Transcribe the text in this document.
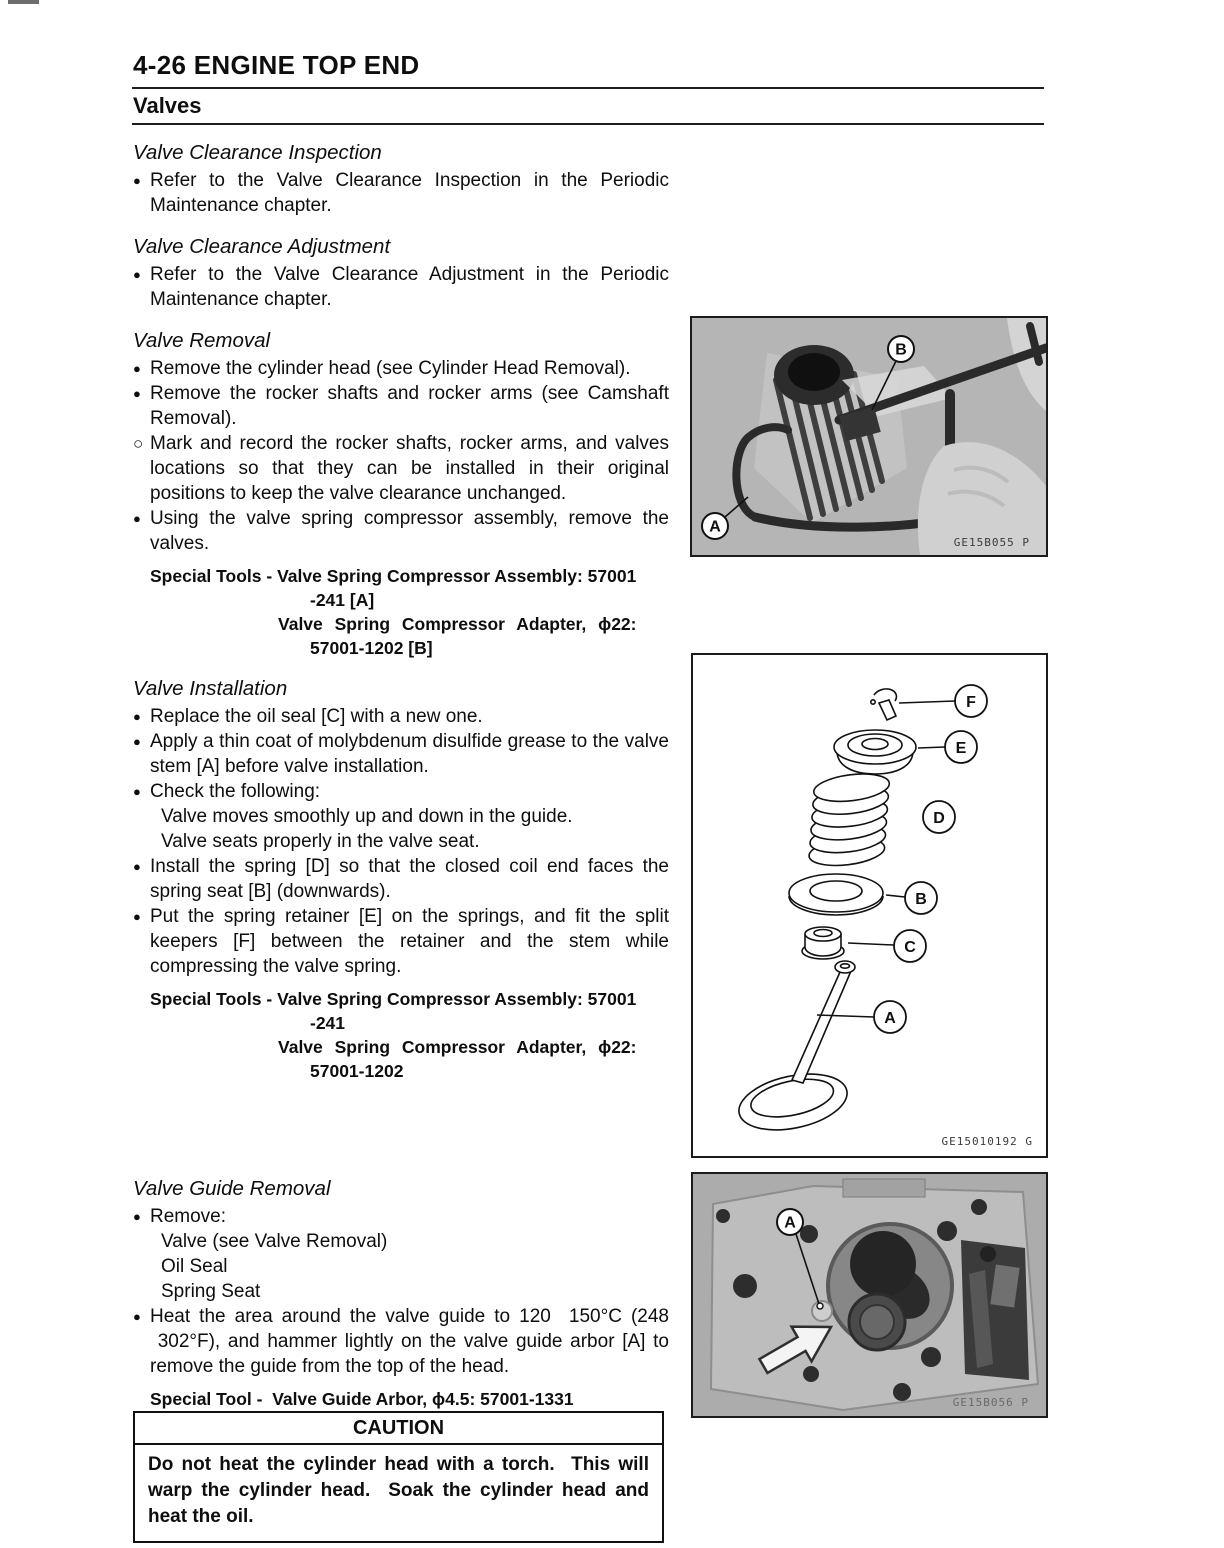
4-26 ENGINE TOP END
Valves
Valve Clearance Inspection
● Refer to the Valve Clearance Inspection in the Periodic Maintenance chapter.
Valve Clearance Adjustment
● Refer to the Valve Clearance Adjustment in the Periodic Maintenance chapter.
Valve Removal
● Remove the cylinder head (see Cylinder Head Removal).
● Remove the rocker shafts and rocker arms (see Camshaft Removal).
○ Mark and record the rocker shafts, rocker arms, and valves locations so that they can be installed in their original positions to keep the valve clearance unchanged.
● Using the valve spring compressor assembly, remove the valves.
Special Tools - Valve Spring Compressor Assembly: 57001
-241 [A]
Valve Spring Compressor Adapter, ϕ22:
57001-1202 [B]
Valve Installation
● Replace the oil seal [C] with a new one.
● Apply a thin coat of molybdenum disulfide grease to the valve stem [A] before valve installation.
● Check the following:
Valve moves smoothly up and down in the guide.
Valve seats properly in the valve seat.
● Install the spring [D] so that the closed coil end faces the spring seat [B] (downwards).
● Put the spring retainer [E] on the springs, and fit the split keepers [F] between the retainer and the stem while compressing the valve spring.
Special Tools - Valve Spring Compressor Assembly: 57001
-241
Valve Spring Compressor Adapter, ϕ22:
57001-1202
Valve Guide Removal
● Remove:
Valve (see Valve Removal)
Oil Seal
Spring Seat
● Heat the area around the valve guide to 120  150°C (248  302°F), and hammer lightly on the valve guide arbor [A] to remove the guide from the top of the head.
Special Tool -  Valve Guide Arbor, ϕ4.5: 57001-1331
B
A
GE15B055 P
F
E
D
B
C
A
GE15010192 G
A
GE15B056 P
CAUTION
Do not heat the cylinder head with a torch.  This will warp the cylinder head.  Soak the cylinder head and heat the oil.
